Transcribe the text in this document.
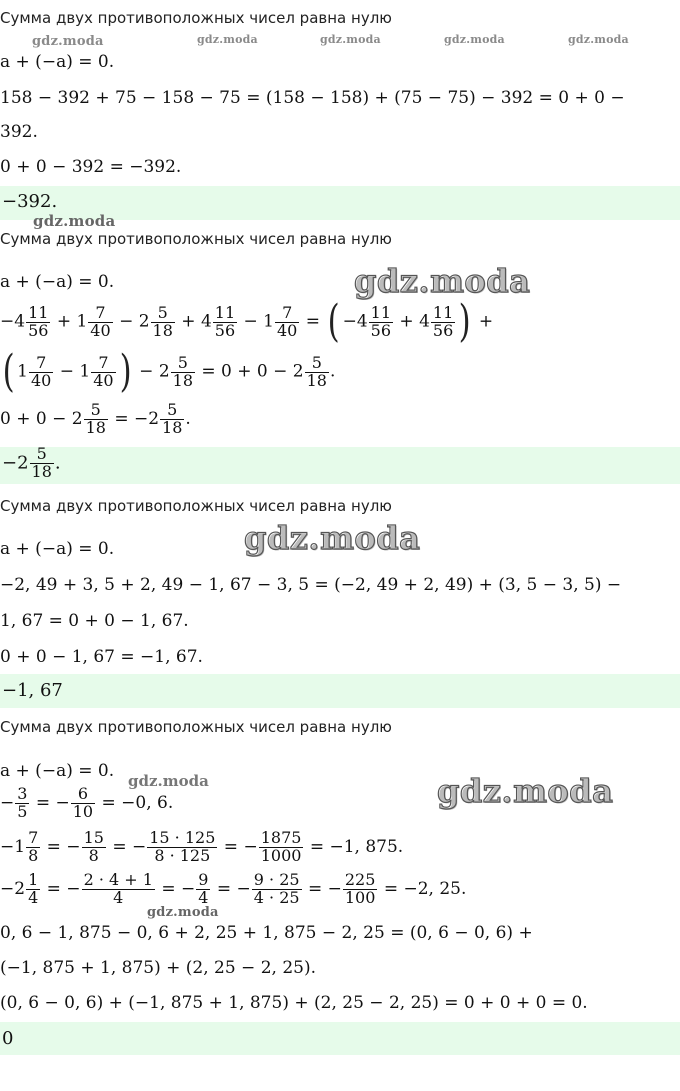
Сумма двух противоположных чисел равна нулю
gdz.moda	gdz.moda	gdz.moda	gdz.moda	gdz.moda
a + (−a) = 0.
158 − 392 + 75 − 158 − 75 = (158 − 158) + (75 − 75) − 392 = 0 + 0 −
392.
0 + 0 − 392 = −392.
−392.
gdz.moda
Сумма двух противоположных чисел равна нулю
a + (−a) = 0.	gdz.moda
$-4 \frac{11}{56} + 1 \frac{7}{40} - 2 \frac{5}{18} + 4 \frac{11}{56} - 1 \frac{7}{40}$ = ( $-4 \frac{11}{56} + 4 \frac{11}{56}$ ) +
( $1 \frac{7}{40} - 1 \frac{7}{40}$ ) − $2 \frac{5}{18} = 0 + 0 - 2 \frac{5}{18}$ .
$0 + 0 - 2 \frac{5}{18} = -2 \frac{5}{18}$ .
$-2 \frac{5}{18}$ .
Сумма двух противоположных чисел равна нулю
a + (−a) = 0.	gdz.moda
−2, 49 + 3, 5 + 2, 49 − 1, 67 − 3, 5 = (−2, 49 + 2, 49) + (3, 5 − 3, 5) −
1, 67 = 0 + 0 − 1, 67.
0 + 0 − 1, 67 = −1, 67.
−1, 67
Сумма двух противоположных чисел равна нулю
a + (−a) = 0. gdz.moda	gdz.moda
− $\frac{3}{5}$ = − $\frac{6}{10} = -0$, 6.
$-1 \frac{7}{8}$ = − $\frac{15}{8}$ = − $\frac{15 \cdot 125}{8 \cdot 125}$ = − $\frac{1875}{1000} = -1$, 875.
$-2 \frac{1}{4}$ = − $\frac{2 \cdot 4 + 1}{4}$ = − $\frac{9}{4}$ = − $\frac{9 \cdot 25}{4 \cdot 25}$ = − $\frac{225}{100} = -2$, 25.
gdz.moda
0, 6 − 1, 875 − 0, 6 + 2, 25 + 1, 875 − 2, 25 = (0, 6 − 0, 6) +
(−1, 875 + 1, 875) + (2, 25 − 2, 25).
(0, 6 − 0, 6) + (−1, 875 + 1, 875) + (2, 25 − 2, 25) = 0 + 0 + 0 = 0.
0
